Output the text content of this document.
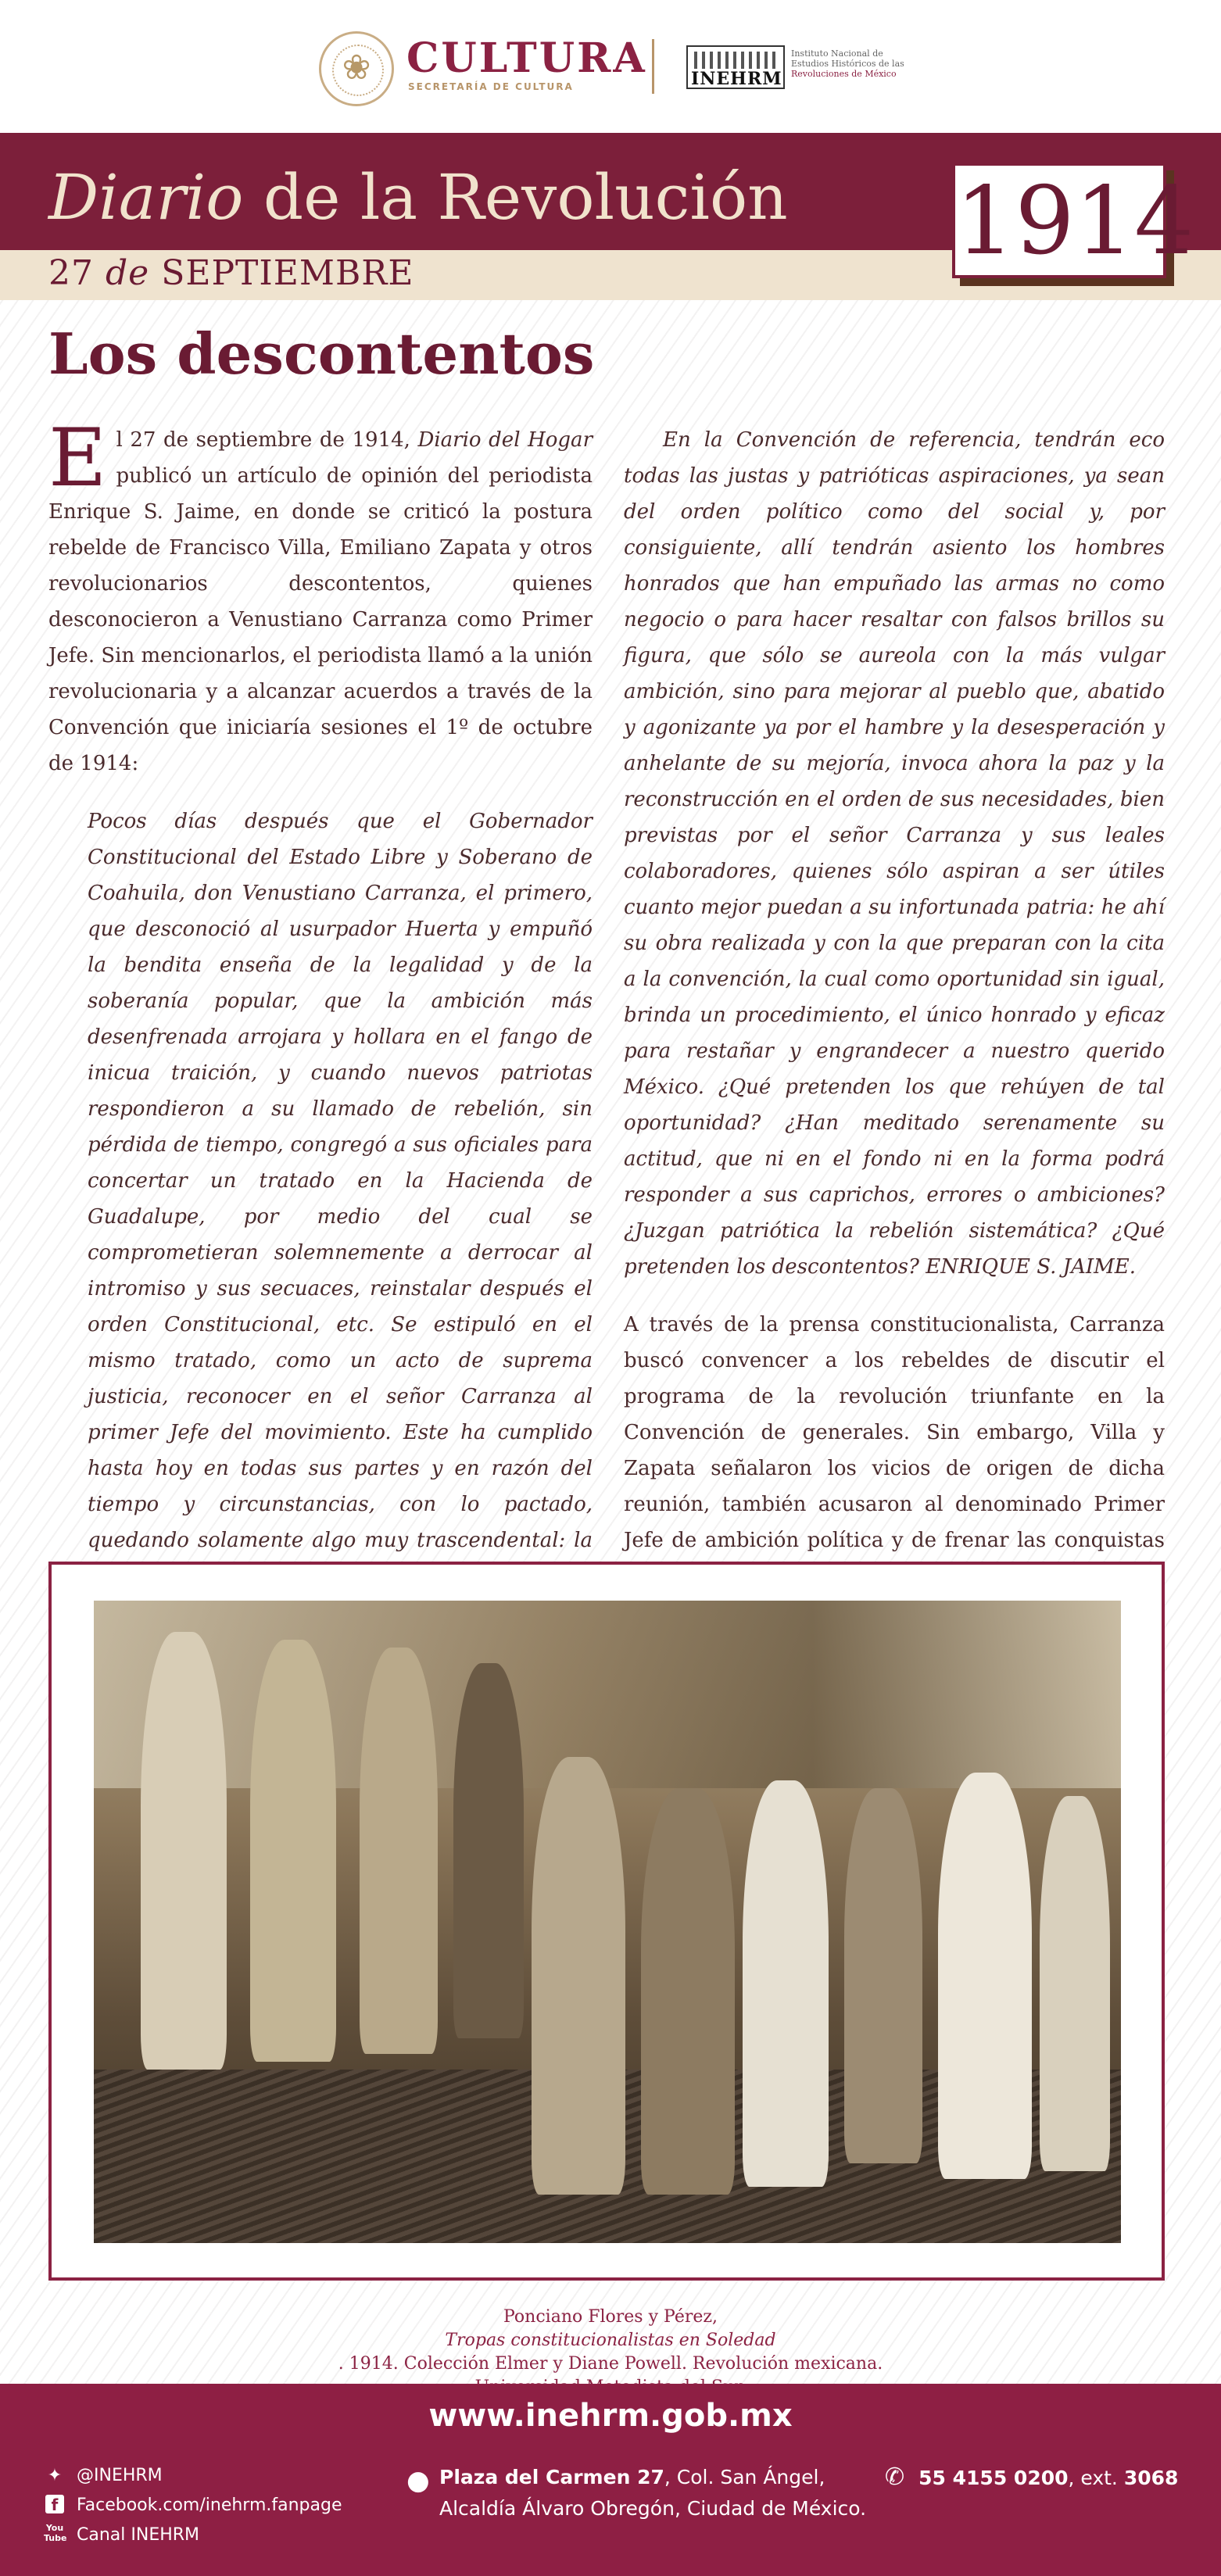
❀
CULTURA
SECRETARÍA DE CULTURA	INEHRM
Instituto Nacional de
Estudios Históricos de las
Revoluciones de México
Diario de la Revolución
27 de SEPTIEMBRE	1914
Los descontentos

El 27 de septiembre de 1914, Diario del Hogar publicó un artículo de opinión del periodista Enrique S. Jaime, en donde se criticó la postura rebelde de Francisco Villa, Emiliano Zapata y otros revolucionarios descontentos, quienes desconocieron a Venustiano Carranza como Primer Jefe. Sin mencionarlos, el periodista llamó a la unión revolucionaria y a alcanzar acuerdos a través de la Convención que iniciaría sesiones el 1º de octubre de 1914:

Pocos días después que el Gobernador Constitucional del Estado Libre y Soberano de Coahuila, don Venustiano Carranza, el primero, que desconoció al usurpador Huerta y empuñó la bendita enseña de la legalidad y de la soberanía popular, que la ambición más desenfrenada arrojara y hollara en el fango de inicua traición, y cuando nuevos patriotas respondieron a su llamado de rebelión, sin pérdida de tiempo, congregó a sus oficiales para concertar un tratado en la Hacienda de Guadalupe, por medio del cual se comprometieran solemnemente a derrocar al intromiso y sus secuaces, reinstalar después el orden Constitucional, etc. Se estipuló en el mismo tratado, como un acto de suprema justicia, reconocer en el señor Carranza al primer Jefe del movimiento. Este ha cumplido hasta hoy en todas sus partes y en razón del tiempo y circunstancias, con lo pactado, quedando solamente algo muy trascendental: la

En la Convención de referencia, tendrán eco todas las justas y patrióticas aspiraciones, ya sean del orden político como del social y, por consiguiente, allí tendrán asiento los hombres honrados que han empuñado las armas no como negocio o para hacer resaltar con falsos brillos su figura, que sólo se aureola con la más vulgar ambición, sino para mejorar al pueblo que, abatido y agonizante ya por el hambre y la desesperación y anhelante de su mejoría, invoca ahora la paz y la reconstrucción en el orden de sus necesidades, bien previstas por el señor Carranza y sus leales colaboradores, quienes sólo aspiran a ser útiles cuanto mejor puedan a su infortunada patria: he ahí su obra realizada y con la que preparan con la cita a la convención, la cual como oportunidad sin igual, brinda un procedimiento, el único honrado y eficaz para restañar y engrandecer a nuestro querido México. ¿Qué pretenden los que rehúyen de tal oportunidad? ¿Han meditado serenamente su actitud, que ni en el fondo ni en la forma podrá responder a sus caprichos, errores o ambiciones? ¿Juzgan patriótica la rebelión sistemática? ¿Qué pretenden los descontentos? ENRIQUE S. JAIME.

A través de la prensa constitucionalista, Carranza buscó convencer a los rebeldes de discutir el programa de la revolución triunfante en la Convención de generales. Sin embargo, Villa y Zapata señalaron los vicios de origen de dicha reunión, también acusaron al denominado Primer Jefe de ambición política y de frenar las conquistas

Ponciano Flores y Pérez,
Tropas constitucionalistas en Soledad
. 1914. Colección Elmer y Diane Powell. Revolución mexicana.
www.inehrm.gob.mx
✦ @INEHRM
f	Facebook.com/inehrm.fanpage
You
Tube Canal INEHRM
● Plaza del Carmen 27, Col. San Ángel,
Alcaldía Álvaro Obregón, Ciudad de México.
✆ 55 4155 0200, ext. 3068
